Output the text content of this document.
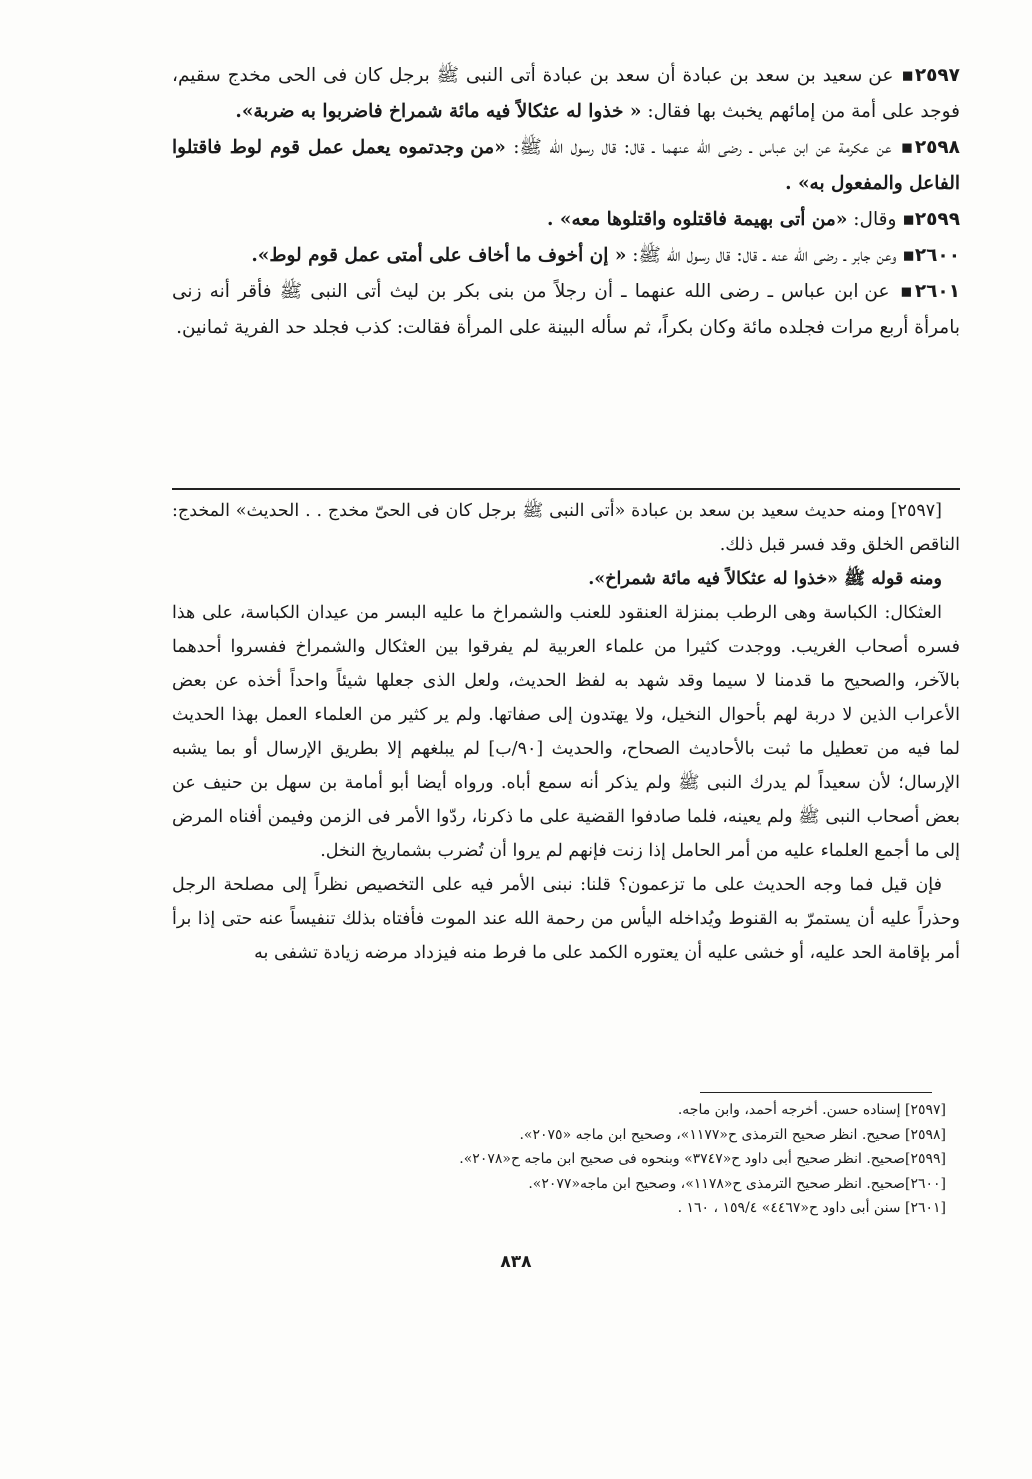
٢٥٩٧▪ عن سعيد بن سعد بن عبادة أن سعد بن عبادة أتى النبى ﷺ برجل كان فى الحى مخدج سقيم، فوجد على أمة من إمائهم يخبث بها فقال: « خذوا له عثكالاً فيه مائة شمراخ فاضربوا به ضربة».

٢٥٩٨▪ عن عكرمة عن ابن عباس ـ رضى الله عنهما ـ قال: قال رسول الله ﷺ: «من وجدتموه يعمل عمل قوم لوط فاقتلوا الفاعل والمفعول به» .

٢٥٩٩▪ وقال: «من أتى بهيمة فاقتلوه واقتلوها معه» .

٢٦٠٠▪ وعن جابر ـ رضى الله عنه ـ قال: قال رسول الله ﷺ: « إن أخوف ما أخاف على أمتى عمل قوم لوط».

٢٦٠١▪ عن ابن عباس ـ رضى الله عنهما ـ أن رجلاً من بنى بكر بن ليث أتى النبى ﷺ فأقر أنه زنى بامرأة أربع مرات فجلده مائة وكان بكراً، ثم سأله البينة على المرأة فقالت: كذب فجلد حد الفرية ثمانين.

[٢٥٩٧] ومنه حديث سعيد بن سعد بن عبادة «أتى النبى ﷺ برجل كان فى الحىّ مخدج . . الحديث» المخدج: الناقص الخلق وقد فسر قبل ذلك.

ومنه قوله ﷺ «خذوا له عثكالاً فيه مائة شمراخ».

العثكال: الكباسة وهى الرطب بمنزلة العنقود للعنب والشمراخ ما عليه البسر من عيدان الكباسة، على هذا فسره أصحاب الغريب. ووجدت كثيرا من علماء العربية لم يفرقوا بين العثكال والشمراخ ففسروا أحدهما بالآخر، والصحيح ما قدمنا لا سيما وقد شهد به لفظ الحديث، ولعل الذى جعلها شيئاً واحداً أخذه عن بعض الأعراب الذين لا دربة لهم بأحوال النخيل، ولا يهتدون إلى صفاتها. ولم ير كثير من العلماء العمل بهذا الحديث لما فيه من تعطيل ما ثبت بالأحاديث الصحاح، والحديث [٩٠/ب] لم يبلغهم إلا بطريق الإرسال أو بما يشبه الإرسال؛ لأن سعيداً لم يدرك النبى ﷺ ولم يذكر أنه سمع أباه. ورواه أيضا أبو أمامة بن سهل بن حنيف عن بعض أصحاب النبى ﷺ ولم يعينه، فلما صادفوا القضية على ما ذكرنا، ردّوا الأمر فى الزمن وفيمن أفناه المرض إلى ما أجمع العلماء عليه من أمر الحامل إذا زنت فإنهم لم يروا أن تُضرب بشماريخ النخل.

فإن قيل فما وجه الحديث على ما تزعمون؟ قلنا: نبنى الأمر فيه على التخصيص نظراً إلى مصلحة الرجل وحذراً عليه أن يستمرّ به القنوط ويُداخله اليأس من رحمة الله عند الموت فأفتاه بذلك تنفيساً عنه حتى إذا برأ أمر بإقامة الحد عليه، أو خشى عليه أن يعتوره الكمد على ما فرط منه فيزداد مرضه زيادة تشفى به

[٢٥٩٧] إسناده حسن. أخرجه أحمد، وابن ماجه.

[٢٥٩٨] صحيح. انظر صحيح الترمذى ح«١١٧٧»، وصحيح ابن ماجه «٢٠٧٥».

[٢٥٩٩]صحيح. انظر صحيح أبى داود ح«٣٧٤٧» وبنحوه فى صحيح ابن ماجه ح«٢٠٧٨».

[٢٦٠٠]صحيح. انظر صحيح الترمذى ح«١١٧٨»، وصحيح ابن ماجه«٢٠٧٧».

[٢٦٠١] سنن أبى داود ح«٤٤٦٧» ١٥٩/٤ ، ١٦٠ .

٨٣٨
